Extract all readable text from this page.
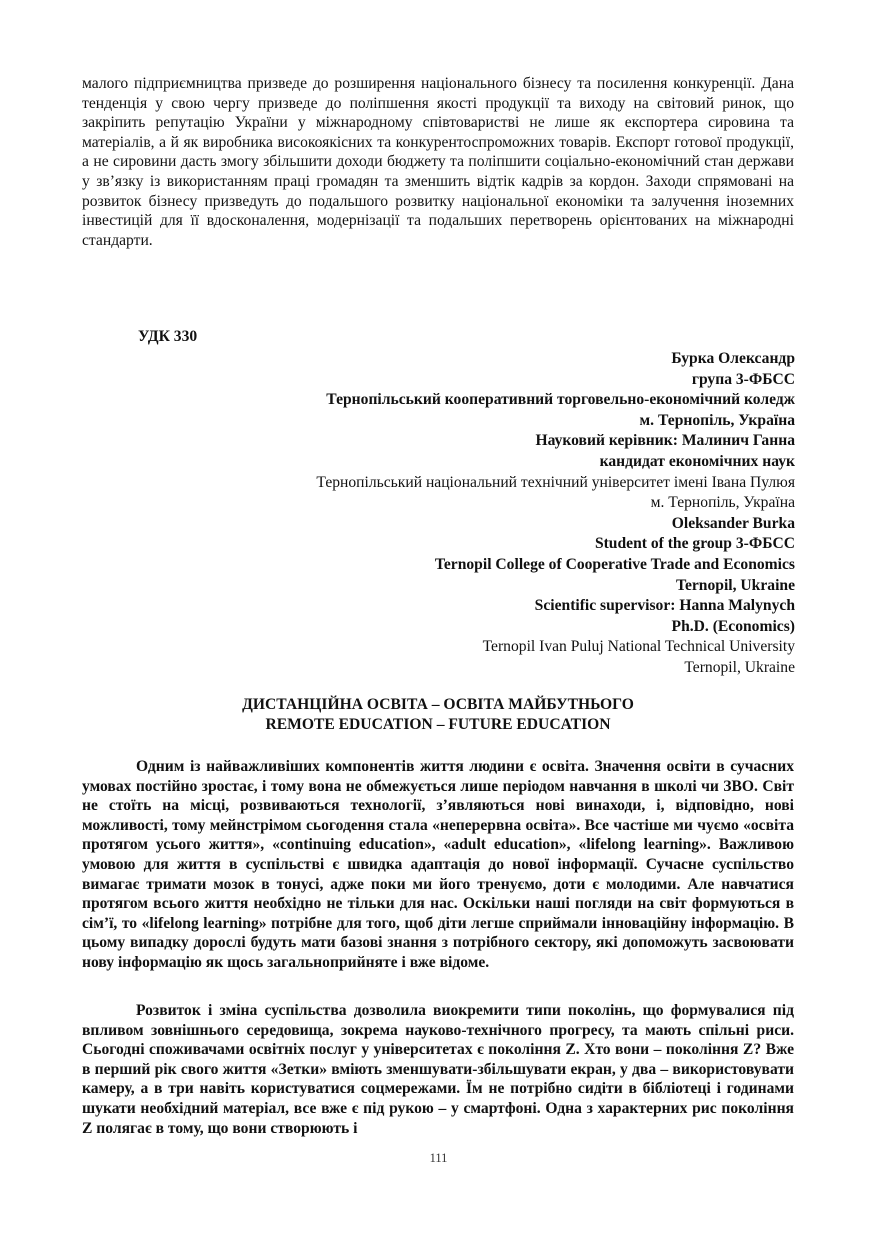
малого підприємництва призведе до розширення національного бізнесу та посилення конкуренції. Дана тенденція у свою чергу призведе до поліпшення якості продукції та виходу на світовий ринок, що закріпить репутацію України у міжнародному співтоваристві не лише як експортера сировина та матеріалів, а й як виробника високоякісних та конкурентоспроможних товарів. Експорт готової продукції, а не сировини дасть змогу збільшити доходи бюджету та поліпшити соціально-економічний стан держави у зв’язку із використанням праці громадян та зменшить відтік кадрів за кордон. Заходи спрямовані на розвиток бізнесу призведуть до подальшого розвитку національної економіки та залучення іноземних інвестицій для її вдосконалення, модернізації та подальших перетворень орієнтованих на міжнародні стандарти.

УДК 330
Бурка Олександр
група 3-ФБСС
Тернопільський кооперативний торговельно-економічний коледж
м. Тернопіль, Україна
Науковий керівник: Малинич Ганна
кандидат економічних наук
Тернопільський національний технічний університет імені Івана Пулюя
м. Тернопіль, Україна
Oleksander Burka
Student of the group 3-ФБСС
Ternopil College of Cooperative Trade and Economics
Ternopil, Ukraine
Scientific supervisor: Hanna Malynych
Ph.D. (Economics)
Ternopil Ivan Puluj National Technical University
Ternopil, Ukraine
ДИСТАНЦІЙНА ОСВІТА – ОСВІТА МАЙБУТНЬОГО
REMOTE EDUCATION – FUTURE EDUCATION

Одним із найважливіших компонентів життя людини є освіта. Значення освіти в сучасних умовах постійно зростає, і тому вона не обмежується лише періодом навчання в школі чи ЗВО. Світ не стоїть на місці, розвиваються технології, з’являються нові винаходи, і, відповідно, нові можливості, тому мейнстрімом сьогодення стала «неперервна освіта». Все частіше ми чуємо «освіта протягом усього життя», «continuing education», «adult education», «lifelong learning». Важливою умовою для життя в суспільстві є швидка адаптація до нової інформації. Сучасне суспільство вимагає тримати мозок в тонусі, адже поки ми його тренуємо, доти є молодими. Але навчатися протягом всього життя необхідно не тільки для нас. Оскільки наші погляди на світ формуються в сім’ї, то «lifelong learning» потрібне для того, щоб діти легше сприймали інноваційну інформацію. В цьому випадку дорослі будуть мати базові знання з потрібного сектору, які допоможуть засвоювати нову інформацію як щось загальноприйняте і вже відоме.

Розвиток і зміна суспільства дозволила виокремити типи поколінь, що формувалися під впливом зовнішнього середовища, зокрема науково-технічного прогресу, та мають спільні риси. Сьогодні споживачами освітніх послуг у університетах є покоління Z. Хто вони – покоління Z? Вже в перший рік свого життя «Зетки» вміють зменшувати-збільшувати екран, у два – використовувати камеру, а в три навіть користуватися соцмережами. Їм не потрібно сидіти в бібліотеці і годинами шукати необхідний матеріал, все вже є під рукою – у смартфоні. Одна з характерних рис покоління Z полягає в тому, що вони створюють і

111
